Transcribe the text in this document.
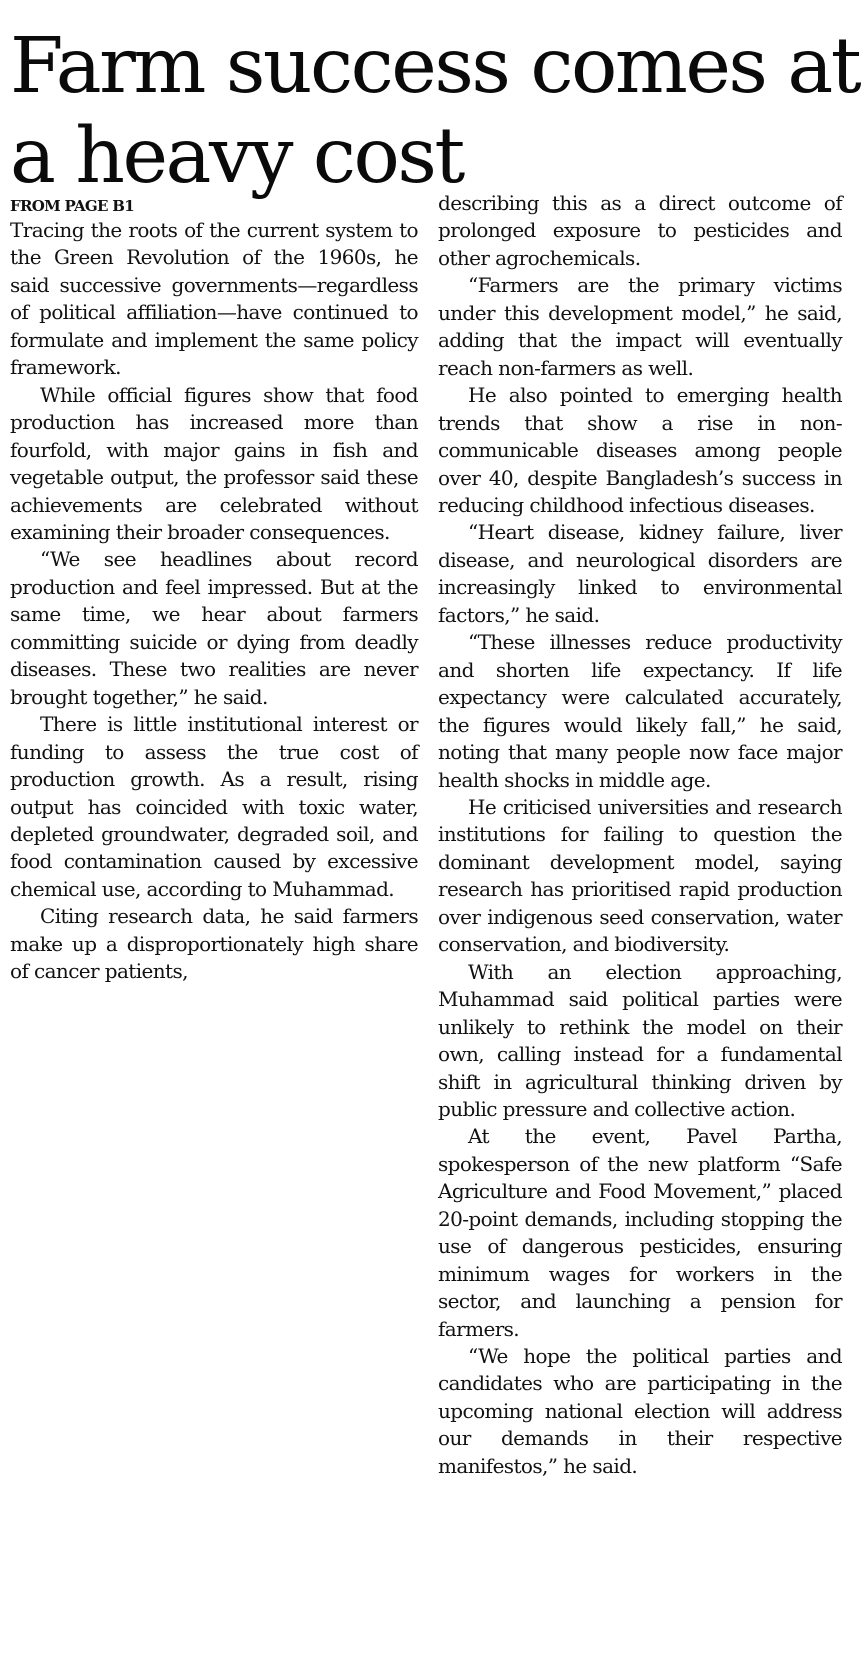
Farm success comes at a heavy cost
FROM PAGE B1

Tracing the roots of the current system to the Green Revolution of the 1960s, he said successive governments—regardless of political affiliation—have continued to formulate and implement the same policy framework.

While official figures show that food production has increased more than fourfold, with major gains in fish and vegetable output, the professor said these achievements are celebrated without examining their broader consequences.

“We see headlines about record production and feel impressed. But at the same time, we hear about farmers committing suicide or dying from deadly diseases. These two realities are never brought together,” he said.

There is little institutional interest or funding to assess the true cost of production growth. As a result, rising output has coincided with toxic water, depleted groundwater, degraded soil, and food contamination caused by excessive chemical use, according to Muhammad.

Citing research data, he said farmers make up a disproportionately high share of cancer patients,

describing this as a direct outcome of prolonged exposure to pesticides and other agrochemicals.

“Farmers are the primary victims under this development model,” he said, adding that the impact will eventually reach non-farmers as well.

He also pointed to emerging health trends that show a rise in non-communicable diseases among people over 40, despite Bangladesh’s success in reducing childhood infectious diseases.

“Heart disease, kidney failure, liver disease, and neurological disorders are increasingly linked to environmental factors,” he said.

“These illnesses reduce productivity and shorten life expectancy. If life expectancy were calculated accurately, the figures would likely fall,” he said, noting that many people now face major health shocks in middle age.

He criticised universities and research institutions for failing to question the dominant development model, saying research has prioritised rapid production over indigenous seed conservation, water conservation, and biodiversity.

With an election approaching, Muhammad said political parties were unlikely to rethink the model on their own, calling instead for a fundamental shift in agricultural thinking driven by public pressure and collective action.

At the event, Pavel Partha, spokesperson of the new platform “Safe Agriculture and Food Movement,” placed 20-point demands, including stopping the use of dangerous pesticides, ensuring minimum wages for workers in the sector, and launching a pension for farmers.

“We hope the political parties and candidates who are participating in the upcoming national election will address our demands in their respective manifestos,” he said.
